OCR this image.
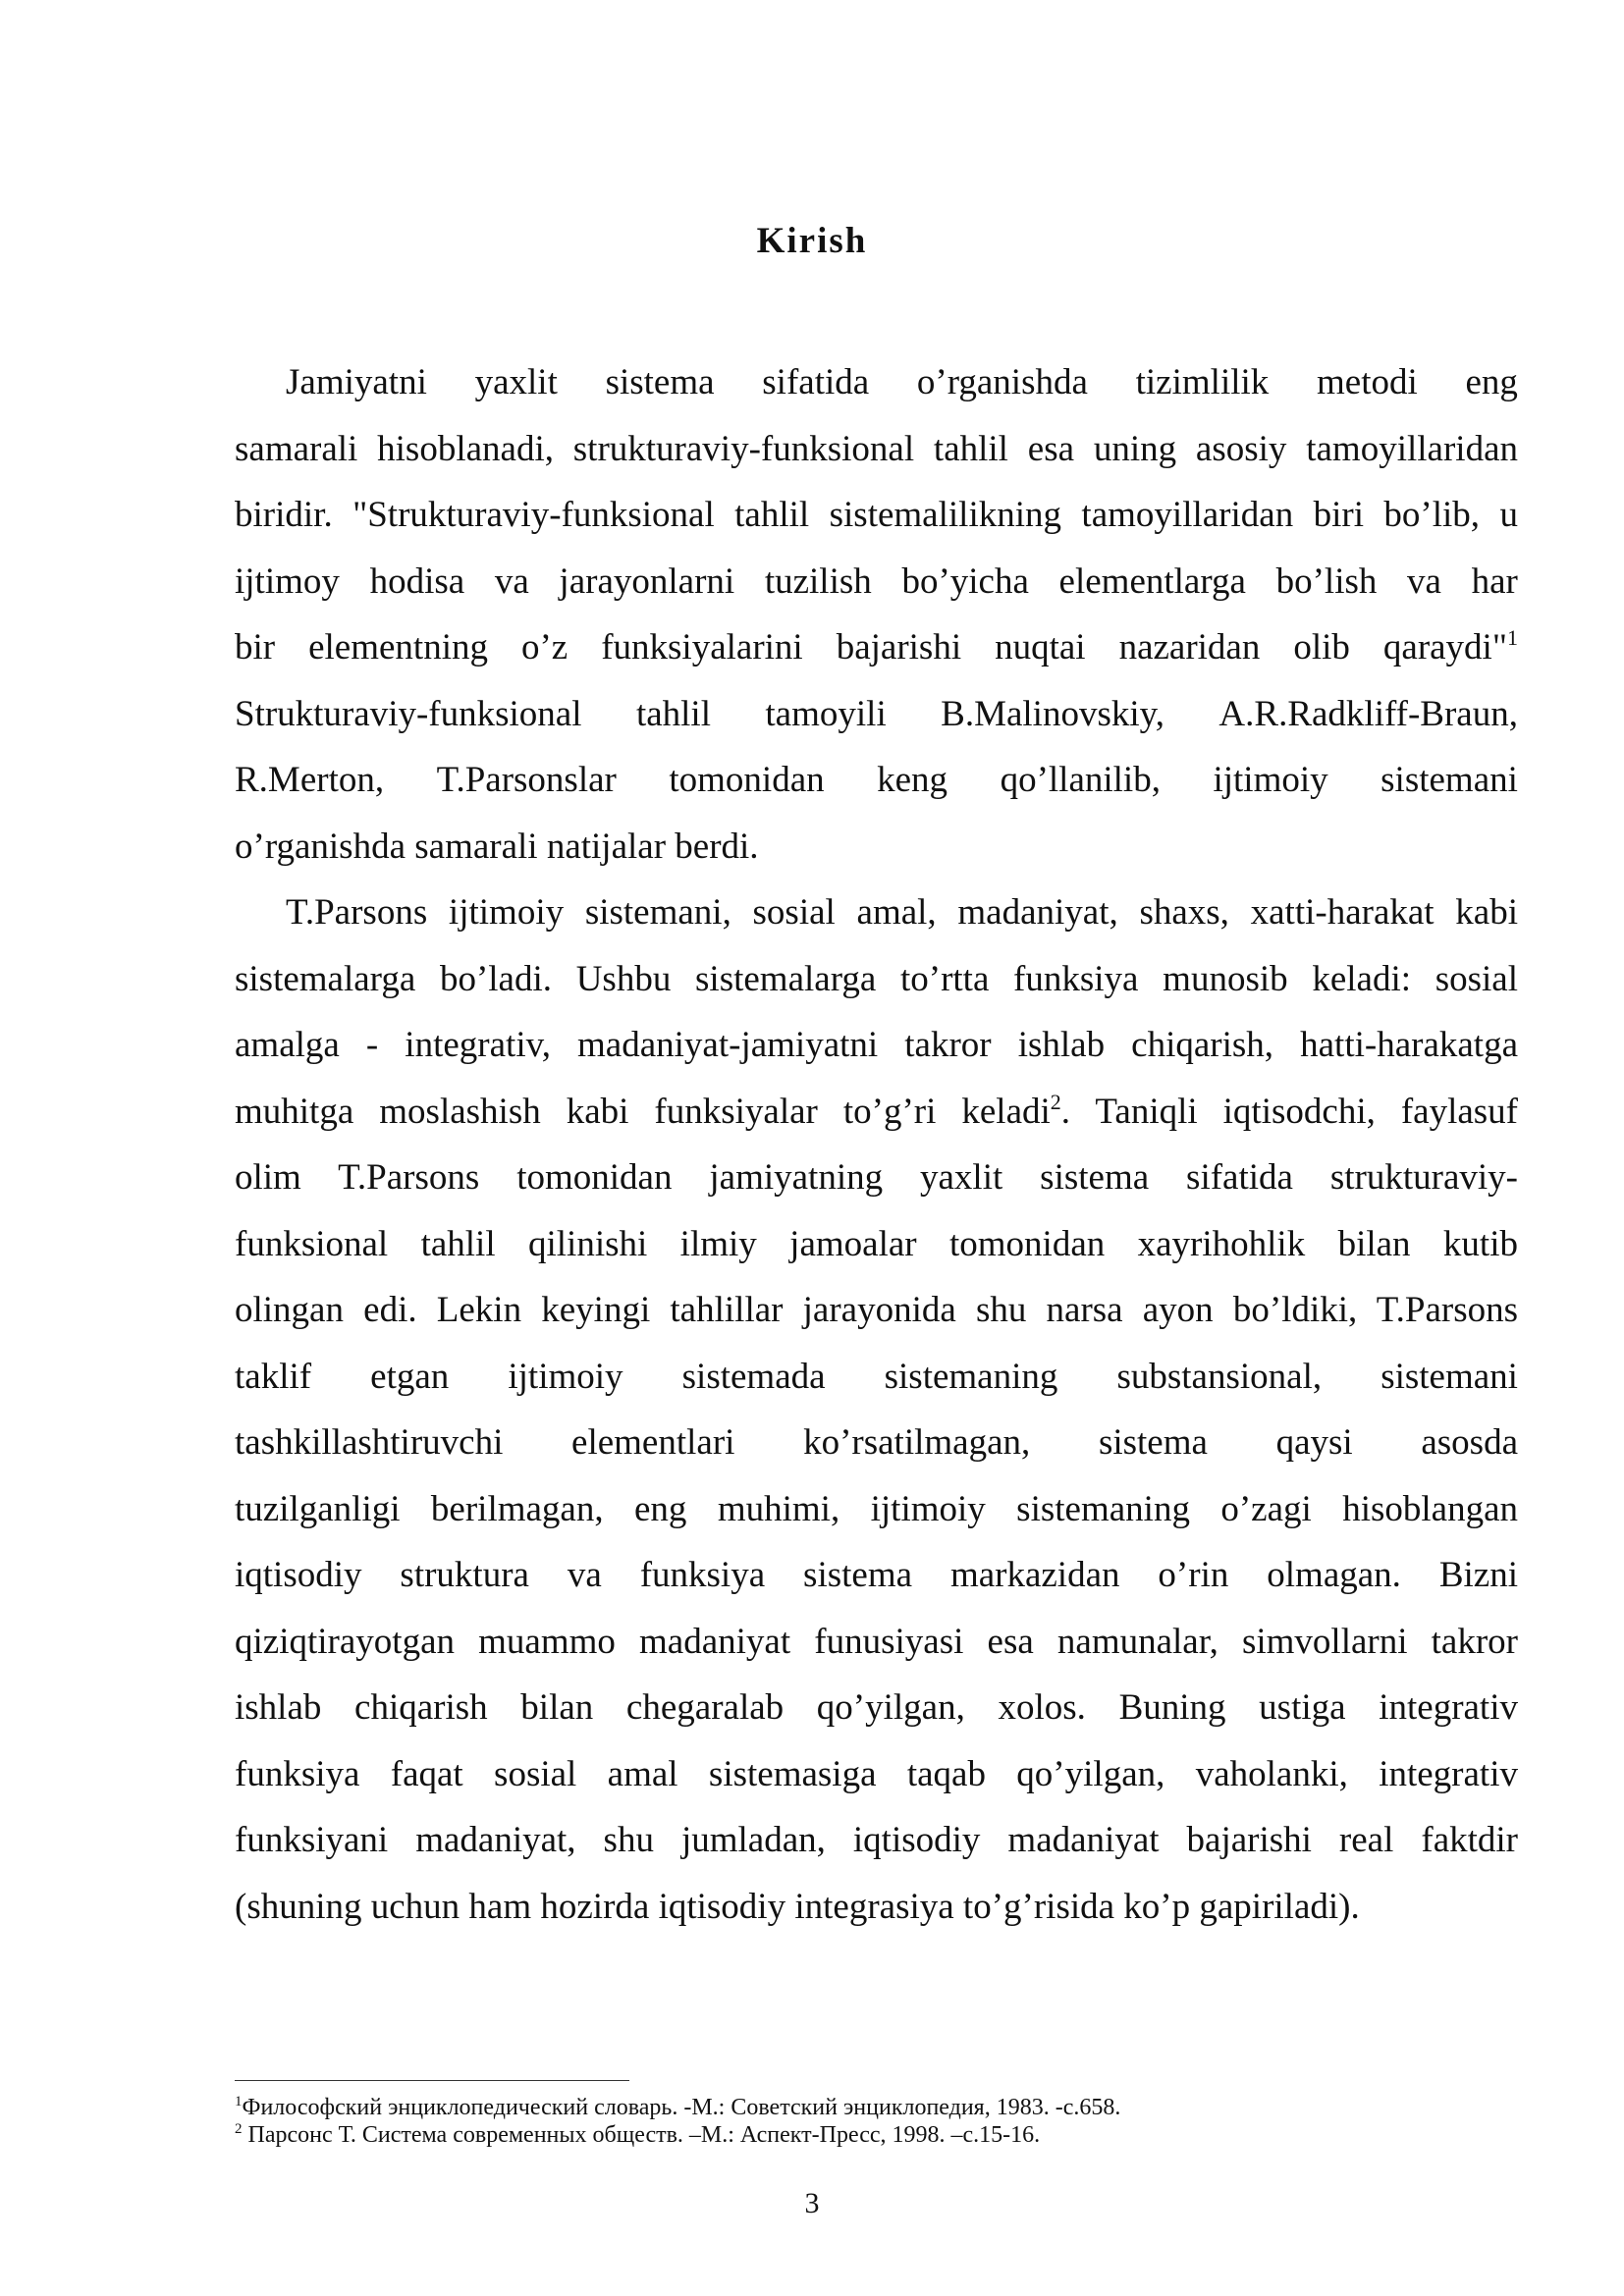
Kirish
Jamiyatni yaxlit sistema sifatida o’rganishda tizimlilik metodi eng
samarali hisoblanadi, strukturaviy-funksional tahlil esa uning asosiy tamoyillaridan
biridir. "Strukturaviy-funksional tahlil sistemalilikning tamoyillaridan biri bo’lib, u
ijtimoy hodisa va jarayonlarni tuzilish bo’yicha elementlarga bo’lish va har
bir elementning o’z funksiyalarini bajarishi nuqtai nazaridan olib qaraydi"$^1$
Strukturaviy-funksional tahlil tamoyili B.Malinovskiy, A.R.Radkliff-Braun,
R.Merton, T.Parsonslar tomonidan keng qo’llanilib, ijtimoiy sistemani
o’rganishda samarali natijalar berdi.
T.Parsons ijtimoiy sistemani, sosial amal, madaniyat, shaxs, xatti-harakat kabi
sistemalarga bo’ladi. Ushbu sistemalarga to’rtta funksiya munosib keladi: sosial
amalga - integrativ, madaniyat-jamiyatni takror ishlab chiqarish, hatti-harakatga
muhitga moslashish kabi funksiyalar to’g’ri keladi$^2$. Taniqli iqtisodchi, faylasuf
olim T.Parsons tomonidan jamiyatning yaxlit sistema sifatida strukturaviy-
funksional tahlil qilinishi ilmiy jamoalar tomonidan xayrihohlik bilan kutib
olingan edi. Lekin keyingi tahlillar jarayonida shu narsa ayon bo’ldiki, T.Parsons
taklif etgan ijtimoiy sistemada sistemaning substansional, sistemani
tashkillashtiruvchi elementlari ko’rsatilmagan, sistema qaysi asosda
tuzilganligi berilmagan, eng muhimi, ijtimoiy sistemaning o’zagi hisoblangan
iqtisodiy struktura va funksiya sistema markazidan o’rin olmagan. Bizni
qiziqtirayotgan muammo madaniyat funusiyasi esa namunalar, simvollarni takror
ishlab chiqarish bilan chegaralab qo’yilgan, xolos. Buning ustiga integrativ
funksiya faqat sosial amal sistemasiga taqab qo’yilgan, vaholanki, integrativ
funksiyani madaniyat, shu jumladan, iqtisodiy madaniyat bajarishi real faktdir
(shuning uchun ham hozirda iqtisodiy integrasiya to’g’risida ko’p gapiriladi).
$^1$Философский энциклопедический словарь. -М.: Советский энциклопедия, 1983. -с.658.
$^2$ Парсонс Т. Система современных обществ. –М.: Аспект-Пресс, 1998. –с.15-16.
3
